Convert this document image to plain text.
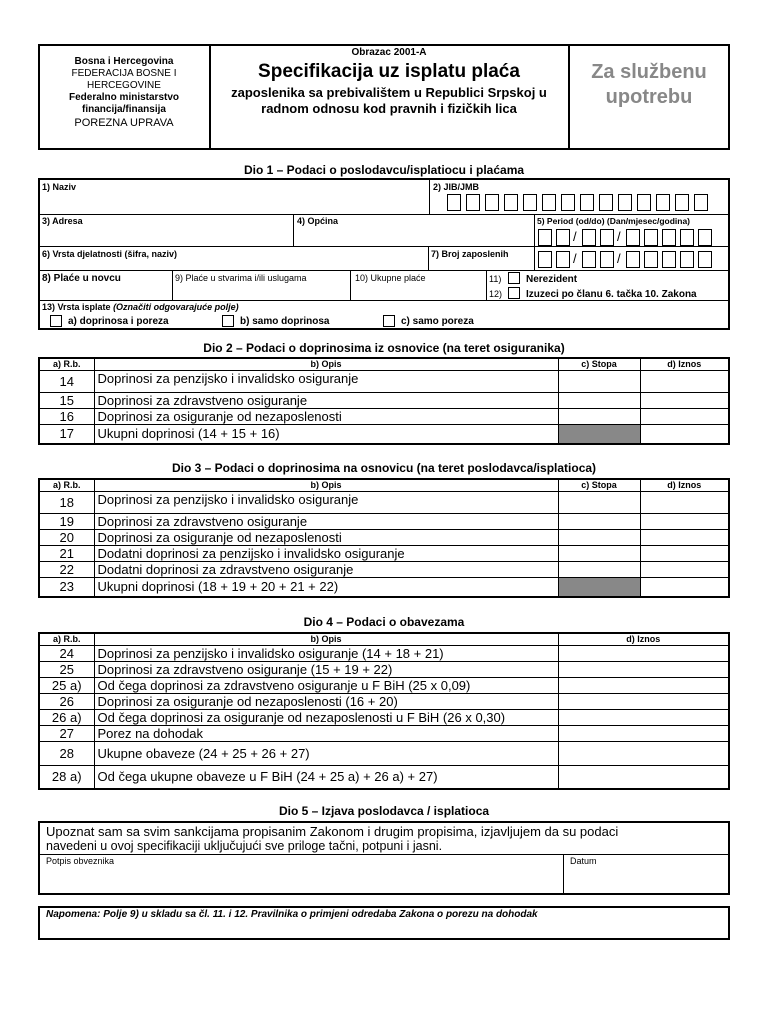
Bosna i Hercegovina
FEDERACIJA BOSNE I
HERCEGOVINE
Federalno ministarstvo
financija/finansija
POREZNA UPRAVA
Obrazac 2001-A
Specifikacija uz isplatu plaća
zaposlenika sa prebivalištem u Republici Srpskoj u radnom odnosu kod pravnih i fizičkih lica
Za službenu upotrebu
Dio 1 – Podaci o poslodavcu/isplatiocu i plaćama
1) Naziv	2) JIB/JMB
3) Adresa	4) Općina	5) Period (od/do) (Dan/mjesec/godina)
/	/
6) Vrsta djelatnosti (šifra, naziv)	7) Broj zaposlenih	/	/
8) Plaće u novcu	9) Plaće u stvarima i/ili uslugama	10) Ukupne plaće	11) Nerezident
12) Izuzeci po članu 6. tačka 10. Zakona
13) Vrsta isplate (Označiti odgovarajuće polje)
a) doprinosa i poreza	b) samo doprinosa	c) samo poreza
Dio 2 – Podaci o doprinosima iz osnovice (na teret osiguranika)
a) R.b.	b) Opis	c) Stopa	d) Iznos
14	Doprinosi za penzijsko i invalidsko osiguranje		
15	Doprinosi za zdravstveno osiguranje		
16	Doprinosi za osiguranje od nezaposlenosti		
17	Ukupni doprinosi (14 + 15 + 16)		
Dio 3 – Podaci o doprinosima na osnovicu (na teret poslodavca/isplatioca)
a) R.b.	b) Opis	c) Stopa	d) Iznos
18	Doprinosi za penzijsko i invalidsko osiguranje		
19	Doprinosi za zdravstveno osiguranje		
20	Doprinosi za osiguranje od nezaposlenosti		
21	Dodatni doprinosi za penzijsko i invalidsko osiguranje		
22	Dodatni doprinosi za zdravstveno osiguranje		
23	Ukupni doprinosi (18 + 19 + 20 + 21 + 22)		
Dio 4 – Podaci o obavezama
a) R.b.	b) Opis	d) Iznos
24	Doprinosi za penzijsko i invalidsko osiguranje (14 + 18 + 21)	
25	Doprinosi za zdravstveno osiguranje (15 + 19 + 22)	
25 a)	Od čega doprinosi za zdravstveno osiguranje u F BiH (25 x 0,09)	
26	Doprinosi za osiguranje od nezaposlenosti (16 + 20)	
26 a)	Od čega doprinosi za osiguranje od nezaposlenosti u F BiH (26 x 0,30)	
27	Porez na dohodak	
28	Ukupne obaveze (24 + 25 + 26 + 27)	
28 a)	Od čega ukupne obaveze u F BiH (24 + 25 a) + 26 a) + 27)	
Dio 5 – Izjava poslodavca / isplatioca
Upoznat sam sa svim sankcijama propisanim Zakonom i drugim propisima, izjavljujem da su podaci
navedeni u ovoj specifikaciji uključujući sve priloge tačni, potpuni i jasni.
Potpis obveznika	Datum
Napomena: Polje 9) u skladu sa čl. 11. i 12. Pravilnika o primjeni odredaba Zakona o porezu na dohodak
